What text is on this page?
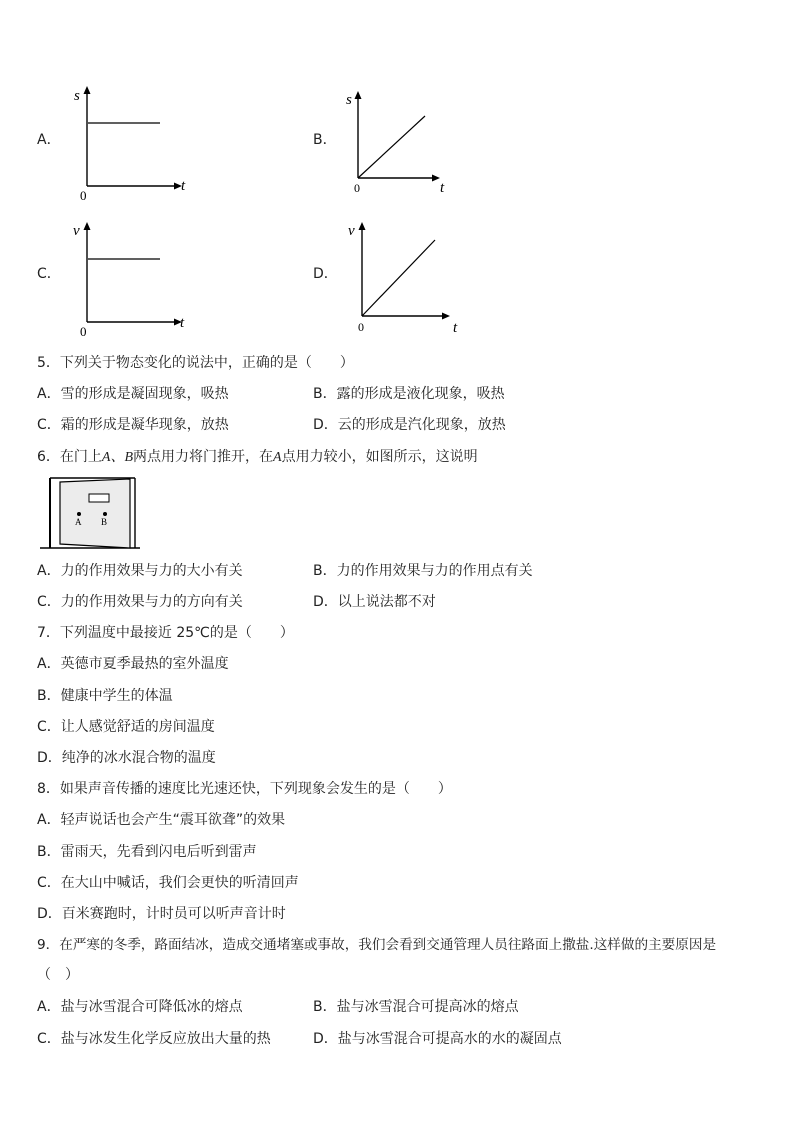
A．
s
t
0
B．
s
t
0
C．
v
t
0
D．
v
t
0
5．下列关于物态变化的说法中，正确的是（　　）
A．雪的形成是凝固现象，吸热	B．露的形成是液化现象，吸热
C．霜的形成是凝华现象，放热	D．云的形成是汽化现象，放热
6．在门上A、B两点用力将门推开，在A点用力较小，如图所示，这说明
A B
A．力的作用效果与力的大小有关	B．力的作用效果与力的作用点有关
C．力的作用效果与力的方向有关	D．以上说法都不对
7．下列温度中最接近 25℃的是（　　）
A．英德市夏季最热的室外温度
B．健康中学生的体温
C．让人感觉舒适的房间温度
D．纯净的冰水混合物的温度
8．如果声音传播的速度比光速还快，下列现象会发生的是（　　）
A．轻声说话也会产生“震耳欲聋”的效果
B．雷雨天，先看到闪电后听到雷声
C．在大山中喊话，我们会更快的听清回声
D．百米赛跑时，计时员可以听声音计时
9．在严寒的冬季，路面结冰，造成交通堵塞或事故，我们会看到交通管理人员往路面上撒盐.这样做的主要原因是
（　）
A．盐与冰雪混合可降低冰的熔点	B．盐与冰雪混合可提高冰的熔点
C．盐与冰发生化学反应放出大量的热	D．盐与冰雪混合可提高水的水的凝固点
